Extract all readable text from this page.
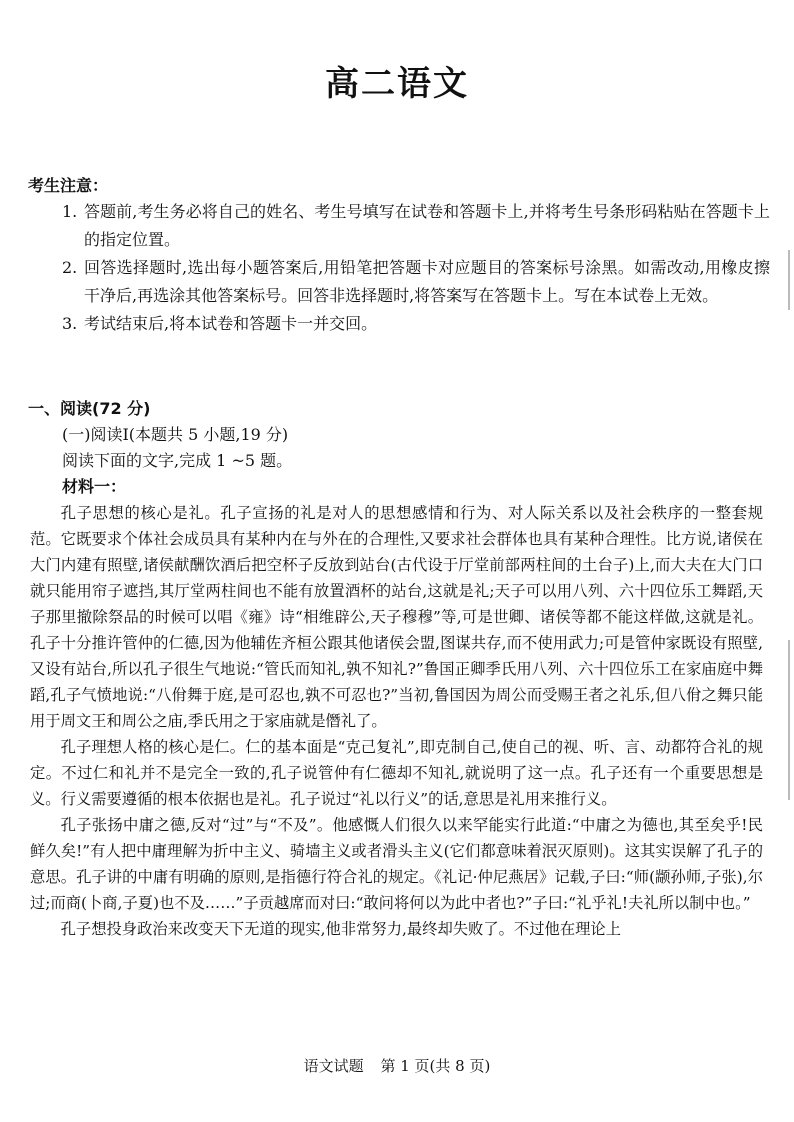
高二语文
考生注意：
1. 答题前,考生务必将自己的姓名、考生号填写在试卷和答题卡上,并将考生号条形码粘贴在答题卡上的指定位置。
2. 回答选择题时,选出每小题答案后,用铅笔把答题卡对应题目的答案标号涂黑。如需改动,用橡皮擦干净后,再选涂其他答案标号。回答非选择题时,将答案写在答题卡上。写在本试卷上无效。
3. 考试结束后,将本试卷和答题卡一并交回。
一、阅读(72 分)
(一)阅读Ⅰ(本题共 5 小题,19 分)
阅读下面的文字,完成 1 ~5 题。
材料一：

孔子思想的核心是礼。孔子宣扬的礼是对人的思想感情和行为、对人际关系以及社会秩序的一整套规范。它既要求个体社会成员具有某种内在与外在的合理性,又要求社会群体也具有某种合理性。比方说,诸侯在大门内建有照壁,诸侯献酬饮酒后把空杯子反放到站台(古代设于厅堂前部两柱间的土台子)上,而大夫在大门口就只能用帘子遮挡,其厅堂两柱间也不能有放置酒杯的站台,这就是礼;天子可以用八列、六十四位乐工舞蹈,天子那里撤除祭品的时候可以唱《雍》诗“相维辟公,天子穆穆”等,可是世卿、诸侯等都不能这样做,这就是礼。孔子十分推许管仲的仁德,因为他辅佐齐桓公跟其他诸侯会盟,图谋共存,而不使用武力;可是管仲家既设有照壁,又设有站台,所以孔子很生气地说:“管氏而知礼,孰不知礼?”鲁国正卿季氏用八列、六十四位乐工在家庙庭中舞蹈,孔子气愤地说:“八佾舞于庭,是可忍也,孰不可忍也?”当初,鲁国因为周公而受赐王者之礼乐,但八佾之舞只能用于周文王和周公之庙,季氏用之于家庙就是僭礼了。

孔子理想人格的核心是仁。仁的基本面是“克己复礼”,即克制自己,使自己的视、听、言、动都符合礼的规定。不过仁和礼并不是完全一致的,孔子说管仲有仁德却不知礼,就说明了这一点。孔子还有一个重要思想是义。行义需要遵循的根本依据也是礼。孔子说过“礼以行义”的话,意思是礼用来推行义。

孔子张扬中庸之德,反对“过”与“不及”。他感慨人们很久以来罕能实行此道:“中庸之为德也,其至矣乎!民鲜久矣!”有人把中庸理解为折中主义、骑墙主义或者滑头主义(它们都意味着泯灭原则)。这其实误解了孔子的意思。孔子讲的中庸有明确的原则,是指德行符合礼的规定。《礼记·仲尼燕居》记载,子曰:“师(颛孙师,子张),尔过;而商(卜商,子夏)也不及……”子贡越席而对曰:“敢问将何以为此中者也?”子曰:“礼乎礼!夫礼所以制中也。”

孔子想投身政治来改变天下无道的现实,他非常努力,最终却失败了。不过他在理论上

语文试题 第 1 页(共 8 页)
